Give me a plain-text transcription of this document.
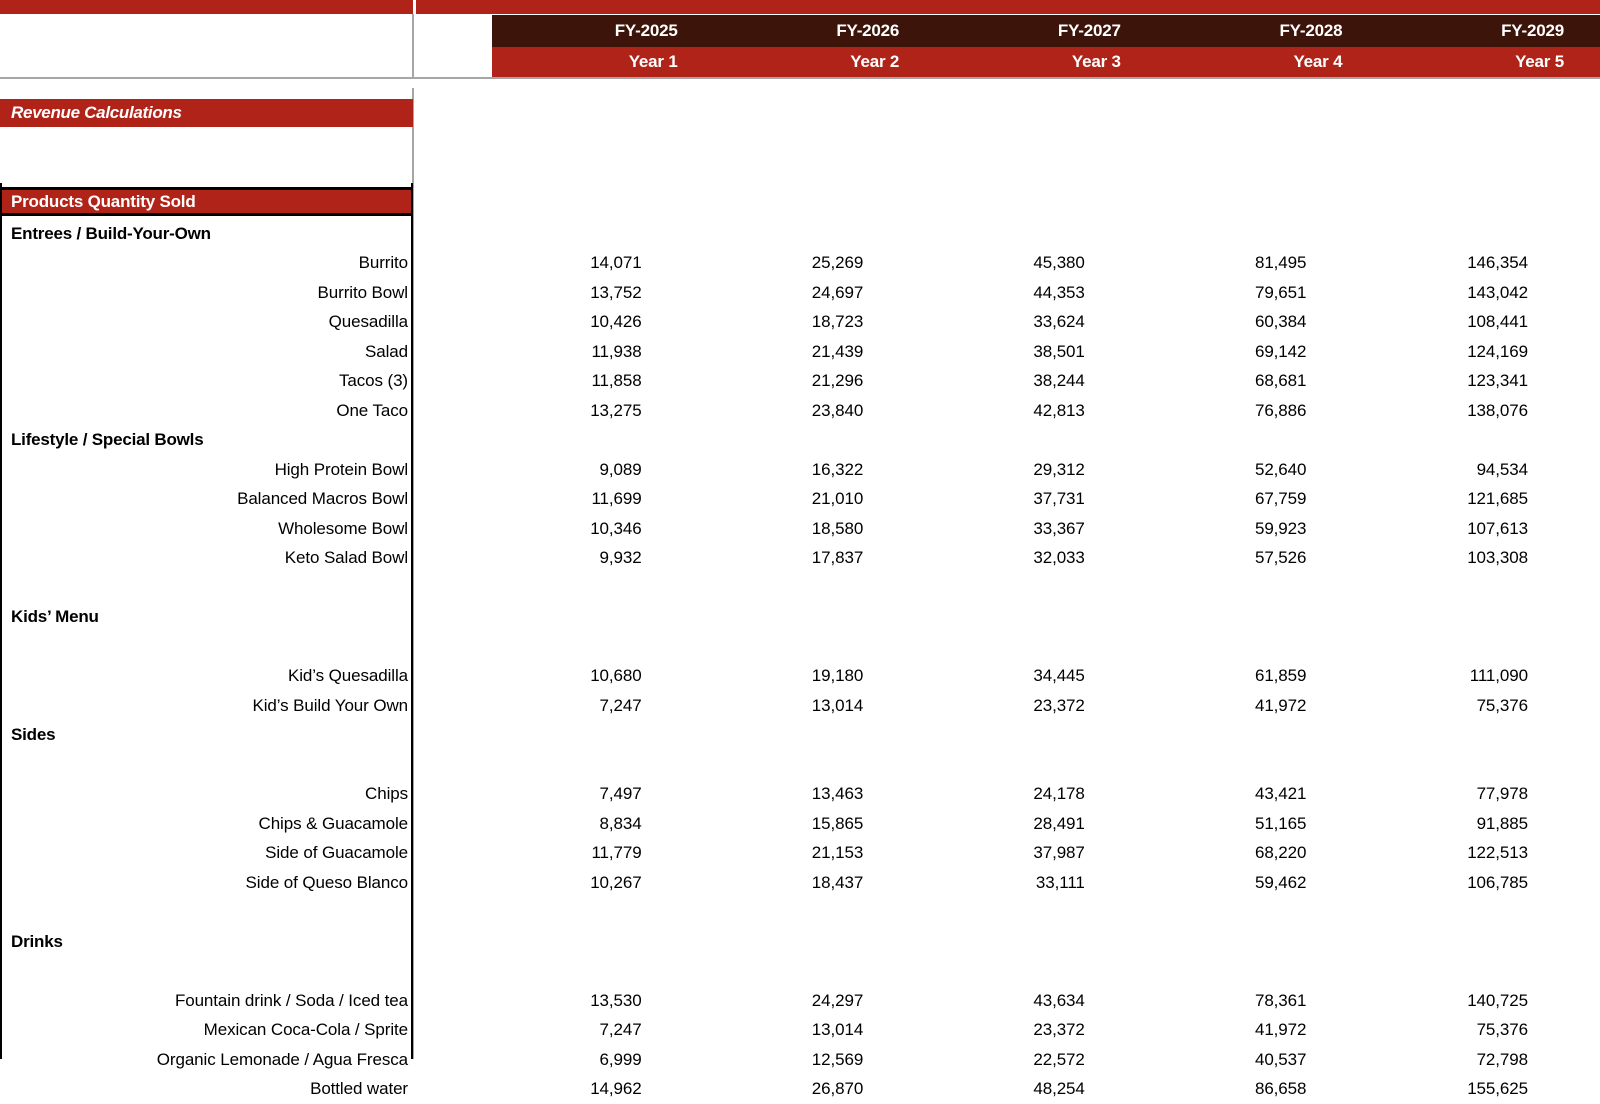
FY-2025	FY-2026	FY-2027	FY-2028	FY-2029
Year 1	Year 2	Year 3	Year 4	Year 5
Revenue Calculations
Products Quantity Sold
Entrees / Build-Your-Own
Burrito	14,071	25,269	45,380	81,495	146,354
Burrito Bowl	13,752	24,697	44,353	79,651	143,042
Quesadilla	10,426	18,723	33,624	60,384	108,441
Salad	11,938	21,439	38,501	69,142	124,169
Tacos (3)	11,858	21,296	38,244	68,681	123,341
One Taco	13,275	23,840	42,813	76,886	138,076
Lifestyle / Special Bowls
High Protein Bowl	9,089	16,322	29,312	52,640	94,534
Balanced Macros Bowl	11,699	21,010	37,731	67,759	121,685
Wholesome Bowl	10,346	18,580	33,367	59,923	107,613
Keto Salad Bowl	9,932	17,837	32,033	57,526	103,308
Kids’ Menu
Kid’s Quesadilla	10,680	19,180	34,445	61,859	111,090
Kid’s Build Your Own	7,247	13,014	23,372	41,972	75,376
Sides
Chips	7,497	13,463	24,178	43,421	77,978
Chips & Guacamole	8,834	15,865	28,491	51,165	91,885
Side of Guacamole	11,779	21,153	37,987	68,220	122,513
Side of Queso Blanco	10,267	18,437	33,111	59,462	106,785
Drinks
Fountain drink / Soda / Iced tea	13,530	24,297	43,634	78,361	140,725
Mexican Coca-Cola / Sprite	7,247	13,014	23,372	41,972	75,376
Organic Lemonade / Agua Fresca	6,999	12,569	22,572	40,537	72,798
Bottled water	14,962	26,870	48,254	86,658	155,625
